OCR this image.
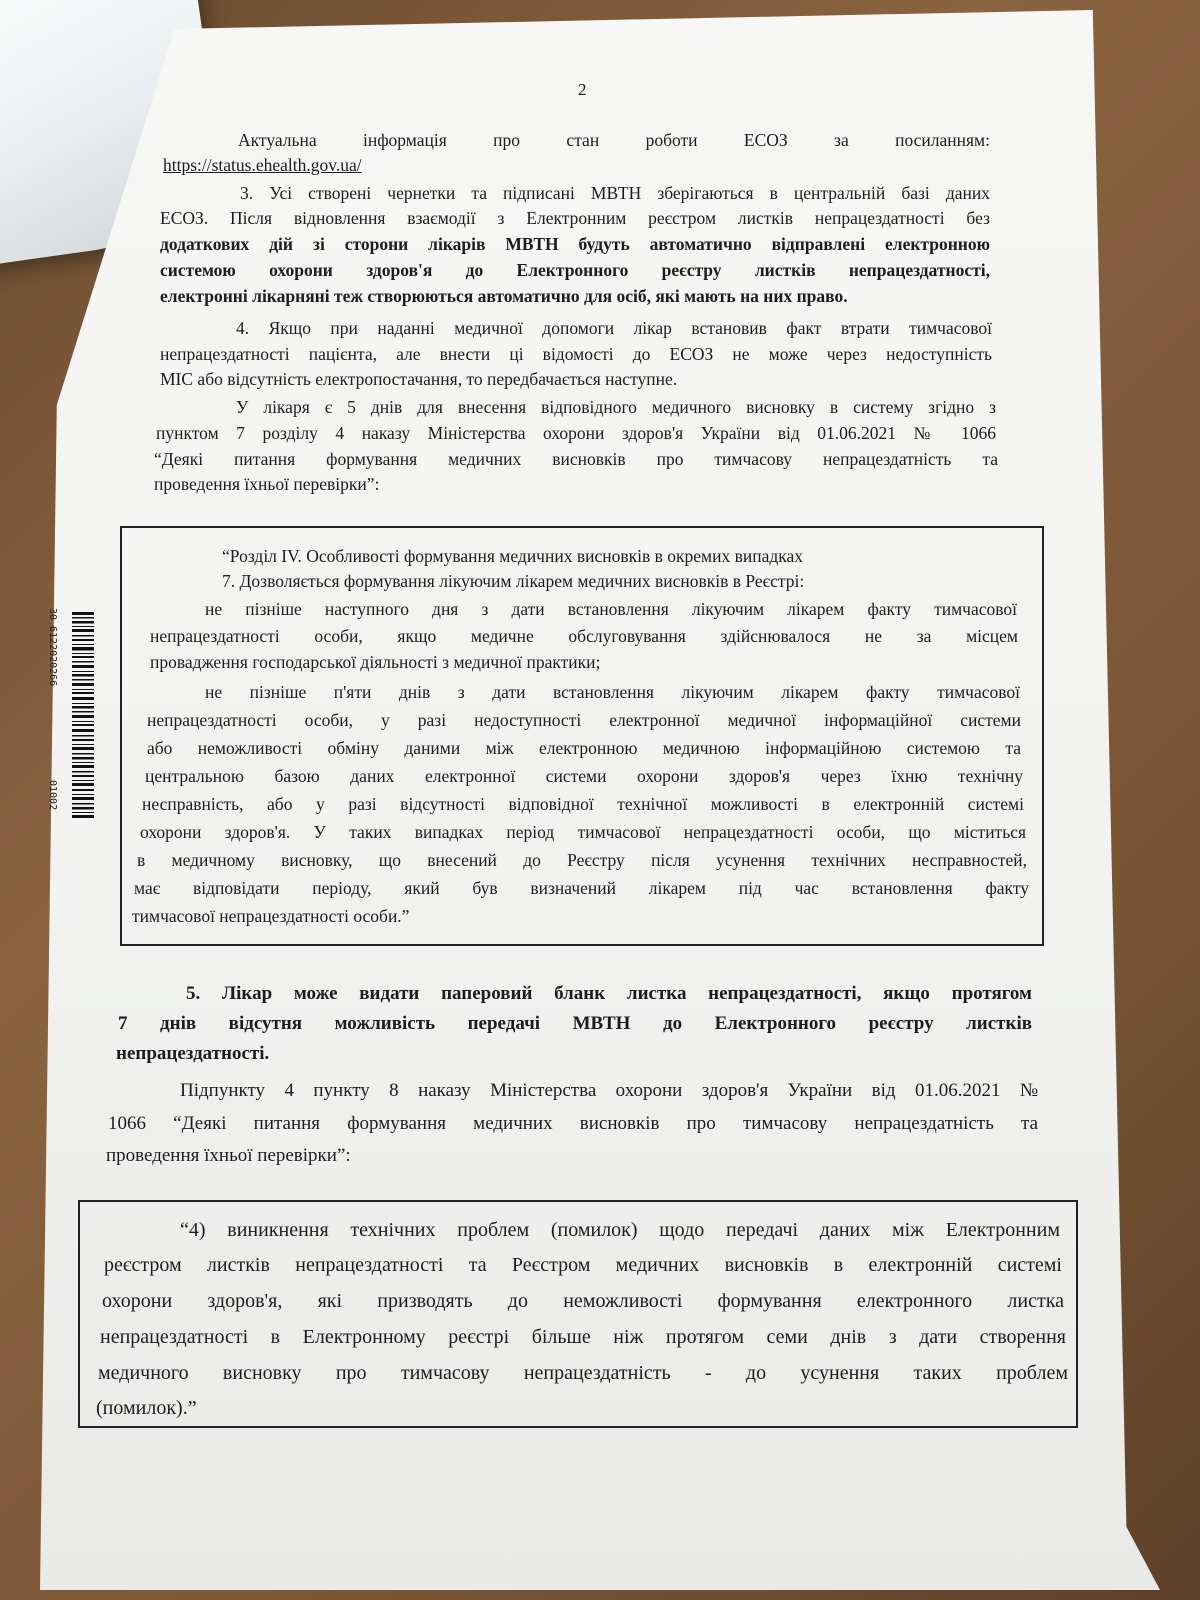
2
Актуальна інформація про стан роботи ЕСОЗ за посиланням:
https://status.ehealth.gov.ua/
3. Усі створені чернетки та підписані МВТН зберігаються в центральній базі даних
ЕСОЗ. Після відновлення взаємодії з Електронним реєстром листків непрацездатності без
додаткових дій зі сторони лікарів МВТН будуть автоматично відправлені електронною
системою охорони здоров'я до Електронного реєстру листків непрацездатності,
електронні лікарняні теж створюються автоматично для осіб, які мають на них право.
4. Якщо при наданні медичної допомоги лікар встановив факт втрати тимчасової
непрацездатності пацієнта, але внести ці відомості до ЕСОЗ не може через недоступність
МІС або відсутність електропостачання, то передбачається наступне.
У лікаря є 5 днів для внесення відповідного медичного висновку в систему згідно з
пунктом 7 розділу 4 наказу Міністерства охорони здоров'я України від 01.06.2021 № 1066
“Деякі питання формування медичних висновків про тимчасову непрацездатність та
проведення їхньої перевірки”:
“Розділ IV. Особливості формування медичних висновків в окремих випадках
7. Дозволяється формування лікуючим лікарем медичних висновків в Реєстрі:
не пізніше наступного дня з дати встановлення лікуючим лікарем факту тимчасової
непрацездатності особи, якщо медичне обслуговування здійснювалося не за місцем
провадження господарської діяльності з медичної практики;
не пізніше п'яти днів з дати встановлення лікуючим лікарем факту тимчасової
непрацездатності особи, у разі недоступності електронної медичної інформаційної системи
або неможливості обміну даними між електронною медичною інформаційною системою та
центральною базою даних електронної системи охорони здоров'я через їхню технічну
несправність, або у разі відсутності відповідної технічної можливості в електронній системі
охорони здоров'я. У таких випадках період тимчасової непрацездатності особи, що міститься
в медичному висновку, що внесений до Реєстру після усунення технічних несправностей,
має відповідати періоду, який був визначений лікарем під час встановлення факту
тимчасової непрацездатності особи.”
5. Лікар може видати паперовий бланк листка непрацездатності, якщо протягом
7 днів відсутня можливість передачі МВТН до Електронного реєстру листків
непрацездатності.
Підпункту 4 пункту 8 наказу Міністерства охорони здоров'я України від 01.06.2021 №
1066 “Деякі питання формування медичних висновків про тимчасову непрацездатність та
проведення їхньої перевірки”:
“4) виникнення технічних проблем (помилок) щодо передачі даних між Електронним
реєстром листків непрацездатності та Реєстром медичних висновків в електронній системі
охорони здоров'я, які призводять до неможливості формування електронного листка
непрацездатності в Електронному реєстрі більше ніж протягом семи днів з дати створення
медичного висновку про тимчасову непрацездатність - до усунення таких проблем
(помилок).”
30
6122020266
01002
